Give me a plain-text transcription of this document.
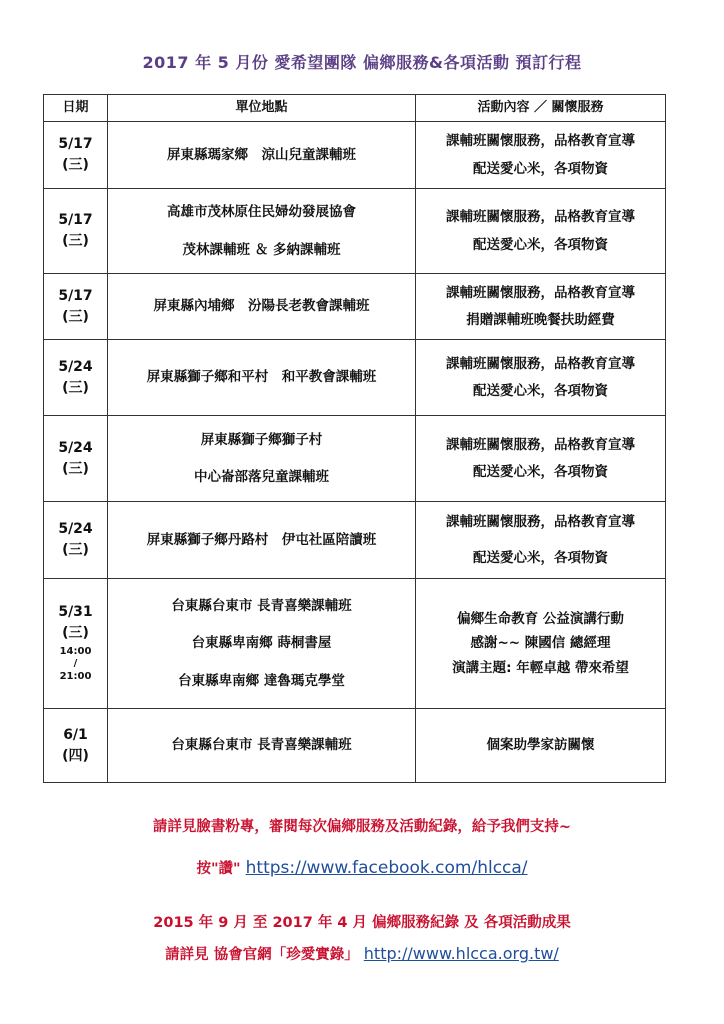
2017 年 5 月份 愛希望團隊 偏鄉服務&各項活動 預訂行程
日期	單位地點	活動內容 ／ 關懷服務

5/17
(三)	屏東縣瑪家鄉　涼山兒童課輔班	課輔班關懷服務，品格教育宣導
配送愛心米，各項物資

5/17
(三)	高雄市茂林原住民婦幼發展協會
茂林課輔班 ＆ 多納課輔班	課輔班關懷服務，品格教育宣導
配送愛心米，各項物資

5/17
(三)	屏東縣內埔鄉　汾陽長老教會課輔班	課輔班關懷服務，品格教育宣導
捐贈課輔班晚餐扶助經費

5/24
(三)	屏東縣獅子鄉和平村　和平教會課輔班	課輔班關懷服務，品格教育宣導
配送愛心米，各項物資

5/24
(三)	屏東縣獅子鄉獅子村
中心崙部落兒童課輔班	課輔班關懷服務，品格教育宣導
配送愛心米，各項物資

5/24
(三)	屏東縣獅子鄉丹路村　伊屯社區陪讀班	課輔班關懷服務，品格教育宣導
配送愛心米，各項物資

5/31
(三)
14:00
/
21:00	台東縣台東市 長青喜樂課輔班
台東縣卑南鄉 蒔桐書屋
台東縣卑南鄉 達魯瑪克學堂	偏鄉生命教育 公益演講行動
感謝~~ 陳國信 總經理
演講主題: 年輕卓越 帶來希望

6/1
(四)	台東縣台東市 長青喜樂課輔班	個案助學家訪關懷
請詳見臉書粉專，審閱每次偏鄉服務及活動紀錄，給予我們支持~
按"讚" https://www.facebook.com/hlcca/
2015 年 9 月 至 2017 年 4 月 偏鄉服務紀錄 及 各項活動成果
請詳見 協會官網「珍愛實錄」 http://www.hlcca.org.tw/
